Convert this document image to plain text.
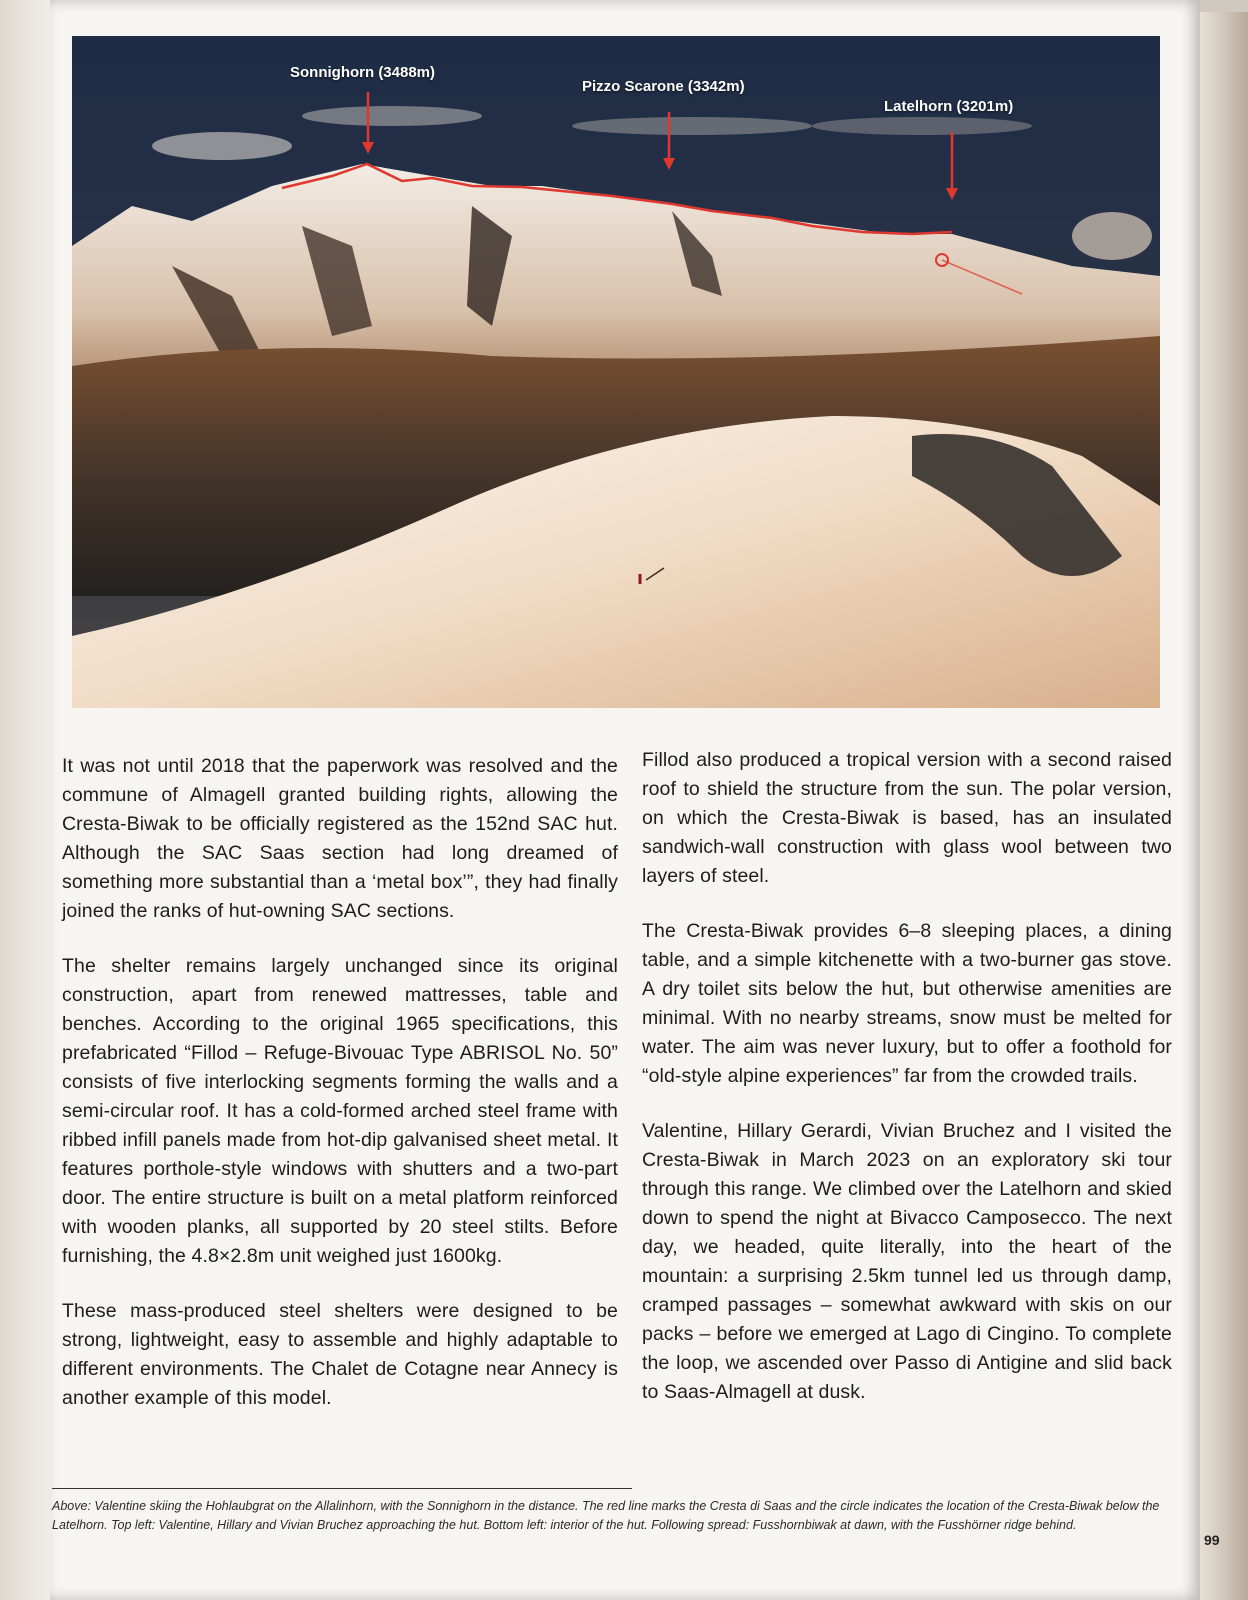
Sonnighorn (3488m)
Pizzo Scarone (3342m)
Latelhorn (3201m)

It was not until 2018 that the paperwork was resolved and the commune of Almagell granted building rights, allowing the Cresta-Biwak to be officially registered as the 152nd SAC hut. Although the SAC Saas section had long dreamed of something more substantial than a ‘metal box’”, they had finally joined the ranks of hut-owning SAC sections.

The shelter remains largely unchanged since its original construction, apart from renewed mattresses, table and benches. According to the original 1965 specifications, this prefabricated “Fillod – Refuge-Bivouac Type ABRISOL No. 50” consists of five interlocking segments forming the walls and a semi-circular roof. It has a cold-formed arched steel frame with ribbed infill panels made from hot-dip galvanised sheet metal. It features porthole-style windows with shutters and a two-part door. The entire structure is built on a metal platform reinforced with wooden planks, all supported by 20 steel stilts. Before furnishing, the 4.8×2.8m unit weighed just 1600kg.

These mass-produced steel shelters were designed to be strong, lightweight, easy to assemble and highly adaptable to different environments. The Chalet de Cotagne near Annecy is another example of this model.

Fillod also produced a tropical version with a second raised roof to shield the structure from the sun. The polar version, on which the Cresta-Biwak is based, has an insulated sandwich-wall construction with glass wool between two layers of steel.

The Cresta-Biwak provides 6–8 sleeping places, a dining table, and a simple kitchenette with a two-burner gas stove. A dry toilet sits below the hut, but otherwise amenities are minimal. With no nearby streams, snow must be melted for water. The aim was never luxury, but to offer a foothold for “old-style alpine experiences” far from the crowded trails.

Valentine, Hillary Gerardi, Vivian Bruchez and I visited the Cresta-Biwak in March 2023 on an exploratory ski tour through this range. We climbed over the Latelhorn and skied down to spend the night at Bivacco Camposecco. The next day, we headed, quite literally, into the heart of the mountain: a surprising 2.5km tunnel led us through damp, cramped passages – somewhat awkward with skis on our packs – before we emerged at Lago di Cingino. To complete the loop, we ascended over Passo di Antigine and slid back to Saas-Almagell at dusk.

Above: Valentine skiing the Hohlaubgrat on the Allalinhorn, with the Sonnighorn in the distance. The red line marks the Cresta di Saas and the circle indicates the location of the Cresta-Biwak below the Latelhorn. Top left: Valentine, Hillary and Vivian Bruchez approaching the hut. Bottom left: interior of the hut. Following spread: Fusshornbiwak at dawn, with the Fusshörner ridge behind.
99
